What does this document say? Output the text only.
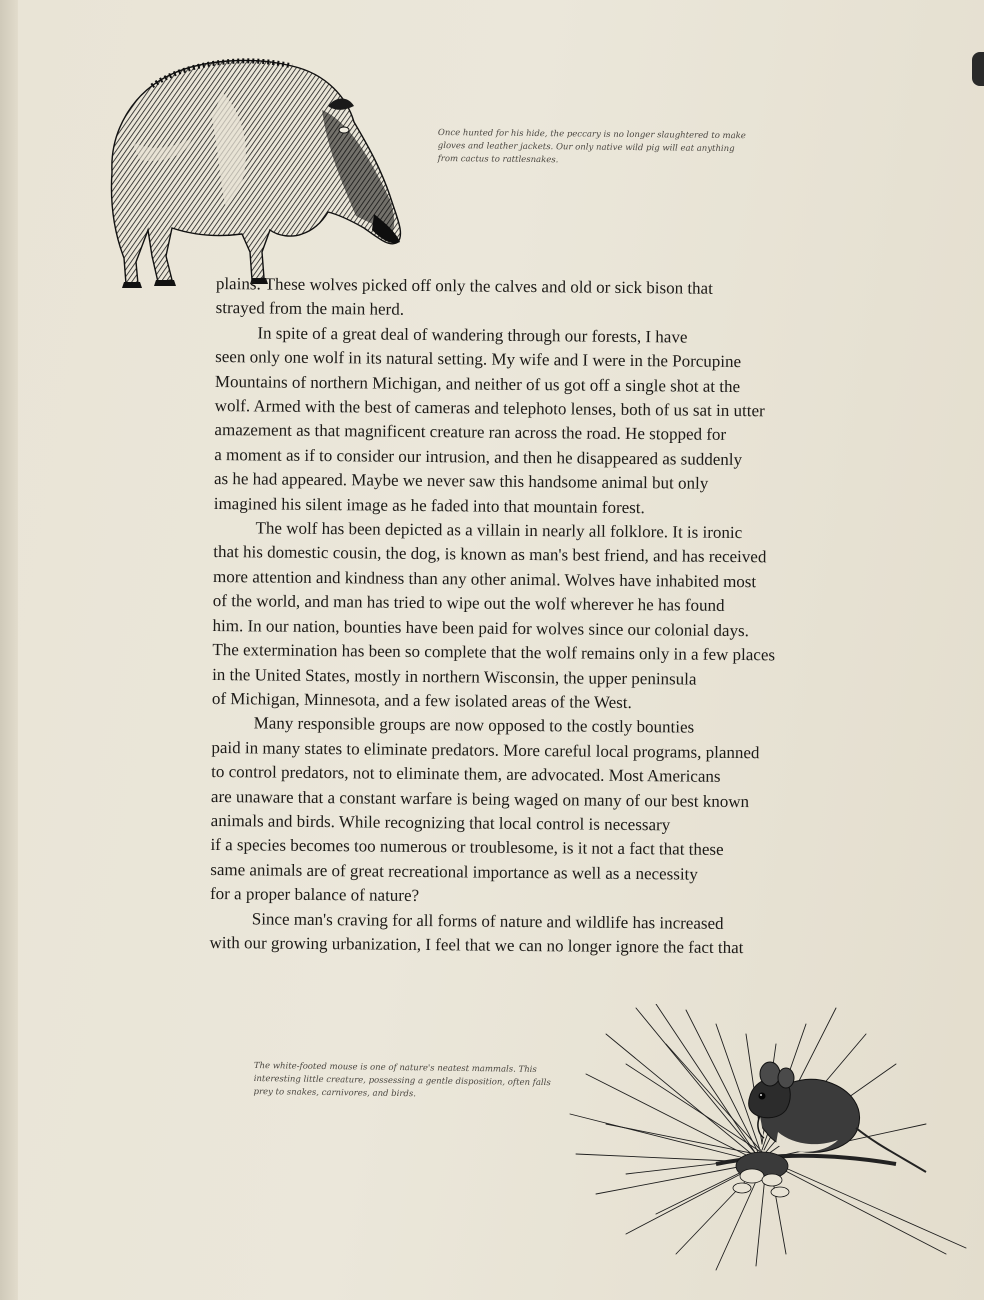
Once hunted for his hide, the peccary is no longer slaughtered to make gloves and leather jackets. Our only native wild pig will eat anything from cactus to rattlesnakes.

plains. These wolves picked off only the calves and old or sick bison that
strayed from the main herd.

In spite of a great deal of wandering through our forests, I have
seen only one wolf in its natural setting. My wife and I were in the Porcupine
Mountains of northern Michigan, and neither of us got off a single shot at the
wolf. Armed with the best of cameras and telephoto lenses, both of us sat in utter
amazement as that magnificent creature ran across the road. He stopped for
a moment as if to consider our intrusion, and then he disappeared as suddenly
as he had appeared. Maybe we never saw this handsome animal but only
imagined his silent image as he faded into that mountain forest.

The wolf has been depicted as a villain in nearly all folklore. It is ironic
that his domestic cousin, the dog, is known as man's best friend, and has received
more attention and kindness than any other animal. Wolves have inhabited most
of the world, and man has tried to wipe out the wolf wherever he has found
him. In our nation, bounties have been paid for wolves since our colonial days.
The extermination has been so complete that the wolf remains only in a few places
in the United States, mostly in northern Wisconsin, the upper peninsula
of Michigan, Minnesota, and a few isolated areas of the West.

Many responsible groups are now opposed to the costly bounties
paid in many states to eliminate predators. More careful local programs, planned
to control predators, not to eliminate them, are advocated. Most Americans
are unaware that a constant warfare is being waged on many of our best known
animals and birds. While recognizing that local control is necessary
if a species becomes too numerous or troublesome, is it not a fact that these
same animals are of great recreational importance as well as a necessity
for a proper balance of nature?

Since man's craving for all forms of nature and wildlife has increased
with our growing urbanization, I feel that we can no longer ignore the fact that

The white-footed mouse is one of nature's neatest mammals. This interesting little creature, possessing a gentle disposition, often falls prey to snakes, carnivores, and birds.
